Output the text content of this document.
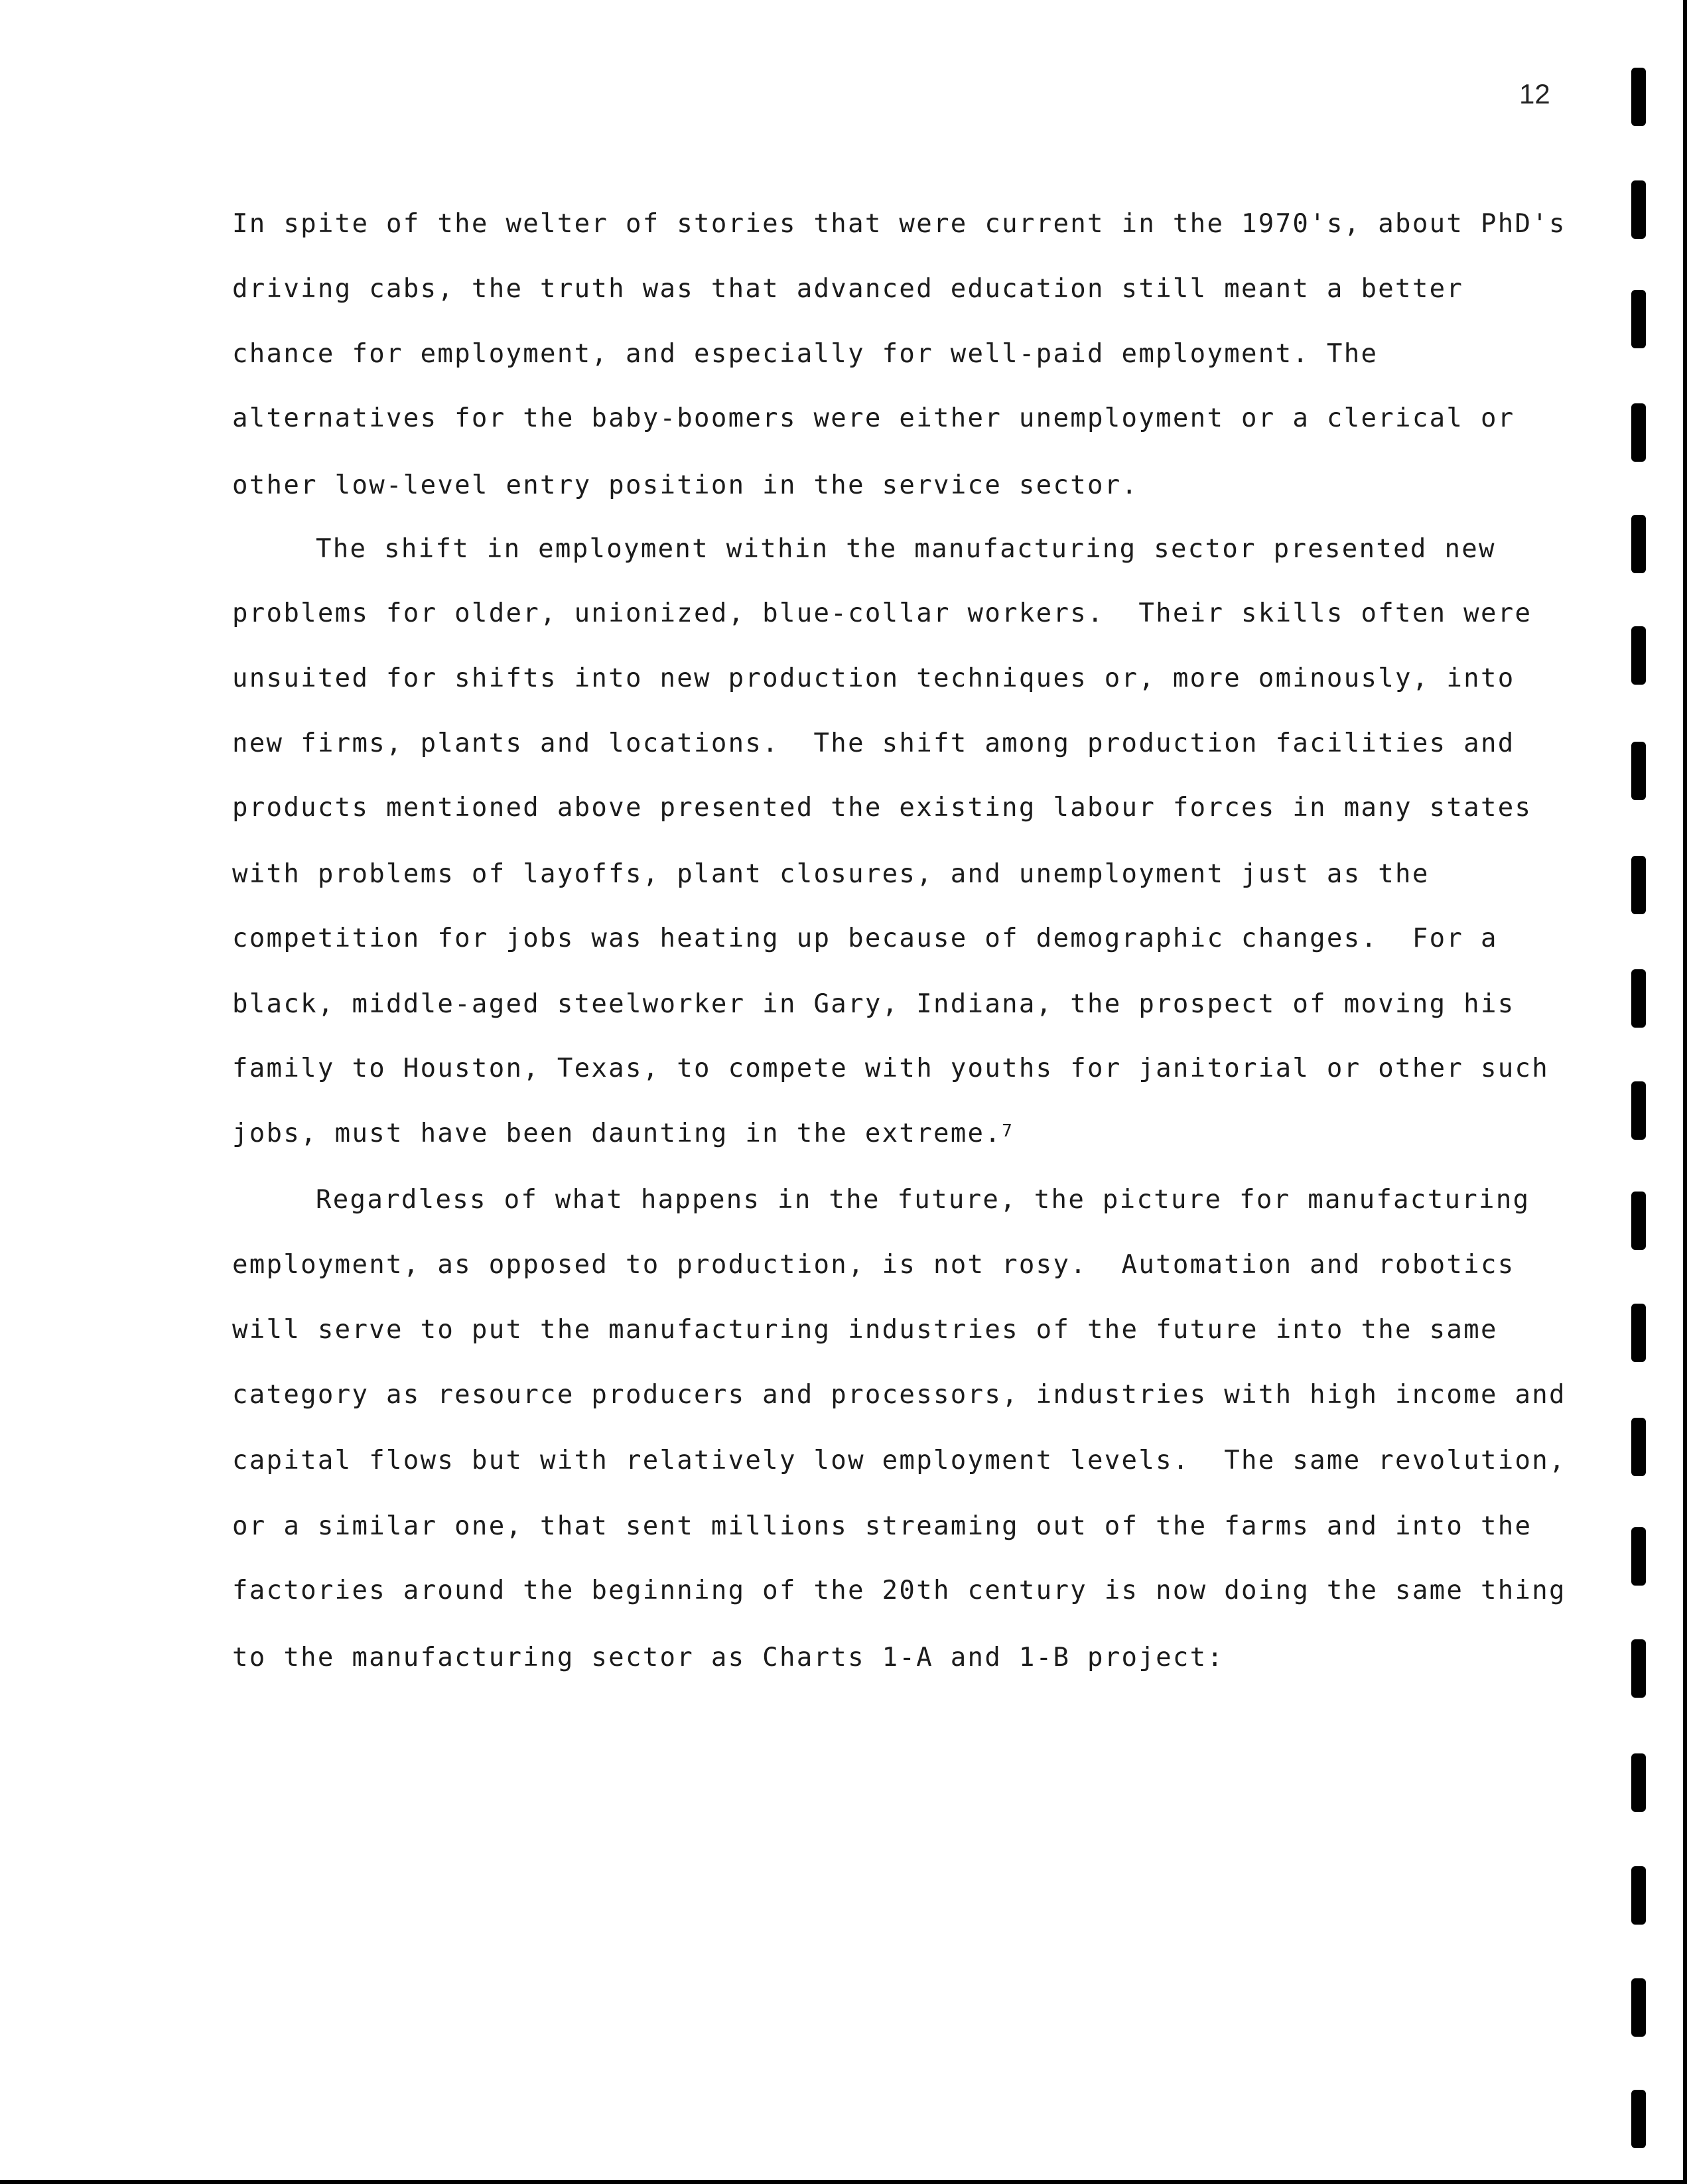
12
In spite of the welter of stories that were current in the 1970's, about PhD's
driving cabs, the truth was that advanced education still meant a better
chance for employment, and especially for well-paid employment. The
alternatives for the baby-boomers were either unemployment or a clerical or
other low-level entry position in the service sector.
The shift in employment within the manufacturing sector presented new
problems for older, unionized, blue-collar workers.  Their skills often were
unsuited for shifts into new production techniques or, more ominously, into
new firms, plants and locations.  The shift among production facilities and
products mentioned above presented the existing labour forces in many states
with problems of layoffs, plant closures, and unemployment just as the
competition for jobs was heating up because of demographic changes.  For a
black, middle-aged steelworker in Gary, Indiana, the prospect of moving his
family to Houston, Texas, to compete with youths for janitorial or other such
jobs, must have been daunting in the extreme.$^7$
Regardless of what happens in the future, the picture for manufacturing
employment, as opposed to production, is not rosy.  Automation and robotics
will serve to put the manufacturing industries of the future into the same
category as resource producers and processors, industries with high income and
capital flows but with relatively low employment levels.  The same revolution,
or a similar one, that sent millions streaming out of the farms and into the
factories around the beginning of the 20th century is now doing the same thing
to the manufacturing sector as Charts 1-A and 1-B project:
